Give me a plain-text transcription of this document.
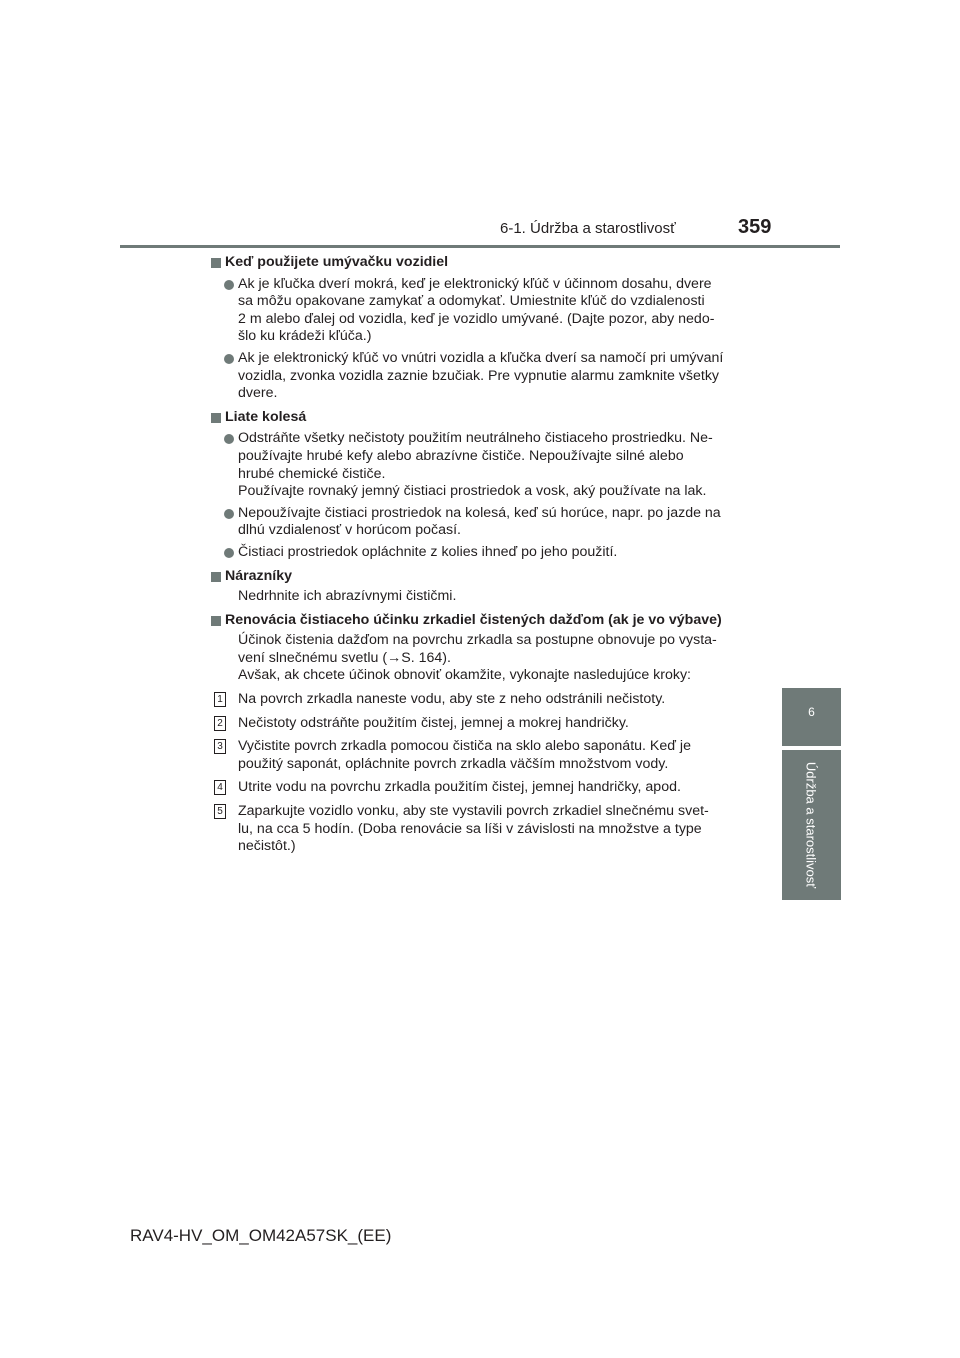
6-1. Údržba a starostlivosť	359
6
Údržba a starostlivosť
Keď použijete umývačku vozidiel
Ak je kľučka dverí mokrá, keď je elektronický kľúč v účinnom dosahu, dvere
sa môžu opakovane zamykať a odomykať. Umiestnite kľúč do vzdialenosti
2 m alebo ďalej od vozidla, keď je vozidlo umývané. (Dajte pozor, aby nedo-
šlo ku krádeži kľúča.)
Ak je elektronický kľúč vo vnútri vozidla a kľučka dverí sa namočí pri umývaní
vozidla, zvonka vozidla zaznie bzučiak. Pre vypnutie alarmu zamknite všetky
dvere.
Liate kolesá
Odstráňte všetky nečistoty použitím neutrálneho čistiaceho prostriedku. Ne-
používajte hrubé kefy alebo abrazívne čističe. Nepoužívajte silné alebo
hrubé chemické čističe.
Používajte rovnaký jemný čistiaci prostriedok a vosk, aký používate na lak.
Nepoužívajte čistiaci prostriedok na kolesá, keď sú horúce, napr. po jazde na
dlhú vzdialenosť v horúcom počasí.
Čistiaci prostriedok opláchnite z kolies ihneď po jeho použití.
Nárazníky
Nedrhnite ich abrazívnymi čističmi.
Renovácia čistiaceho účinku zrkadiel čistených dažďom (ak je vo výbave)
Účinok čistenia dažďom na povrchu zrkadla sa postupne obnovuje po vysta-
vení slnečnému svetlu (→S. 164).
Avšak, ak chcete účinok obnoviť okamžite, vykonajte nasledujúce kroky:
1 Na povrch zrkadla naneste vodu, aby ste z neho odstránili nečistoty.
2 Nečistoty odstráňte použitím čistej, jemnej a mokrej handričky.
3 Vyčistite povrch zrkadla pomocou čističa na sklo alebo saponátu. Keď je
použitý saponát, opláchnite povrch zrkadla väčším množstvom vody.
4 Utrite vodu na povrchu zrkadla použitím čistej, jemnej handričky, apod.
5 Zaparkujte vozidlo vonku, aby ste vystavili povrch zrkadiel slnečnému svet-
lu, na cca 5 hodín. (Doba renovácie sa líši v závislosti na množstve a type
nečistôt.)
RAV4-HV_OM_OM42A57SK_(EE)
